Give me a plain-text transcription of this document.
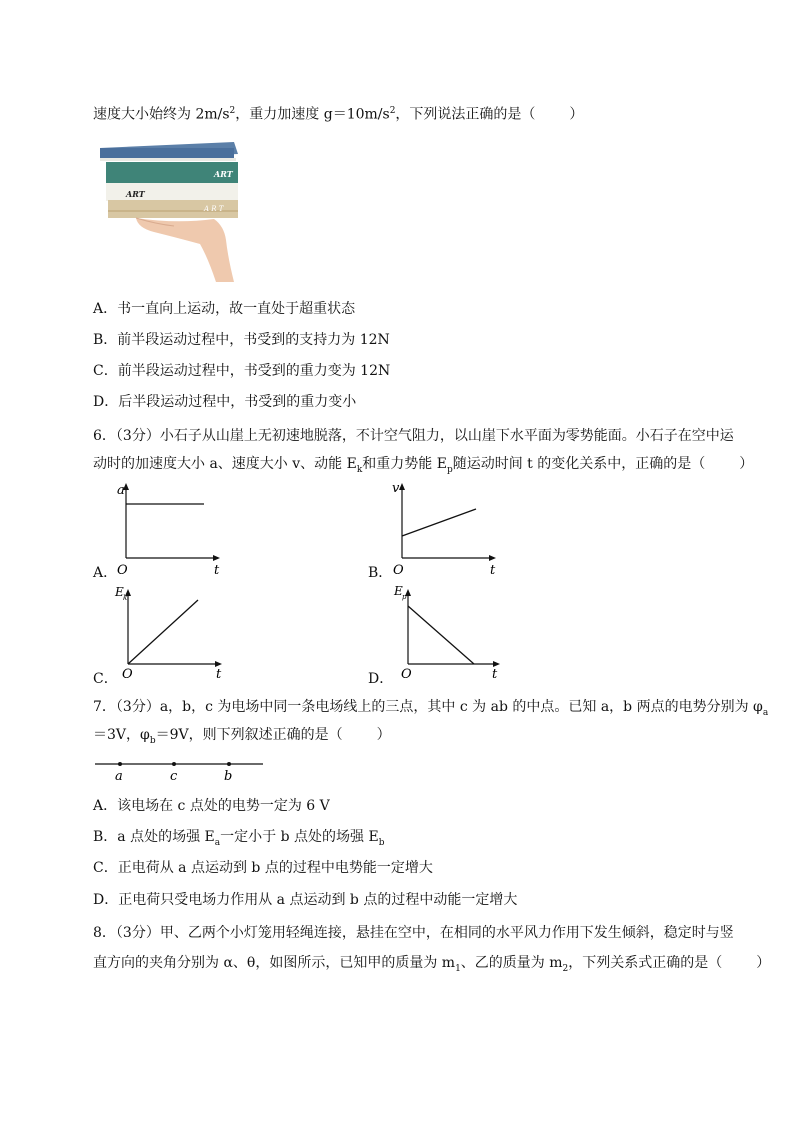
速度大小始终为 $2m/s^2$，重力加速度 $g=10m/s^2$，下列说法正确的是（ ）
ART
ART
A R T
A．书一直向上运动，故一直处于超重状态
B．前半段运动过程中，书受到的支持力为 12N
C．前半段运动过程中，书受到的重力变为 12N
D．后半段运动过程中，书受到的重力变小
6．（3分）小石子从山崖上无初速地脱落，不计空气阻力，以山崖下水平面为零势能面。小石子在空中运
动时的加速度大小 a、速度大小 v、动能 $E_k$和重力势能 $E_p$随运动时间 t 的变化关系中，正确的是（ ）
A．
a
t
O	B．
v
t
O
C．
E k
t
O	D．
E p
t
O
7．（3分）a，b，c 为电场中同一条电场线上的三点，其中 c 为 ab 的中点。已知 a，b 两点的电势分别为 $\varphi_a$
＝3V，$\varphi_b=9V$，则下列叙述正确的是（ ）
a	c	b
A．该电场在 c 点处的电势一定为 6 V
B．a 点处的场强 $E_a$一定小于 b 点处的场强 $E_b$
C．正电荷从 a 点运动到 b 点的过程中电势能一定增大
D．正电荷只受电场力作用从 a 点运动到 b 点的过程中动能一定增大
8．（3分）甲、乙两个小灯笼用轻绳连接，悬挂在空中，在相同的水平风力作用下发生倾斜，稳定时与竖
直方向的夹角分别为 α、θ，如图所示，已知甲的质量为 $m_1$、乙的质量为 $m_2$，下列关系式正确的是（ ）
